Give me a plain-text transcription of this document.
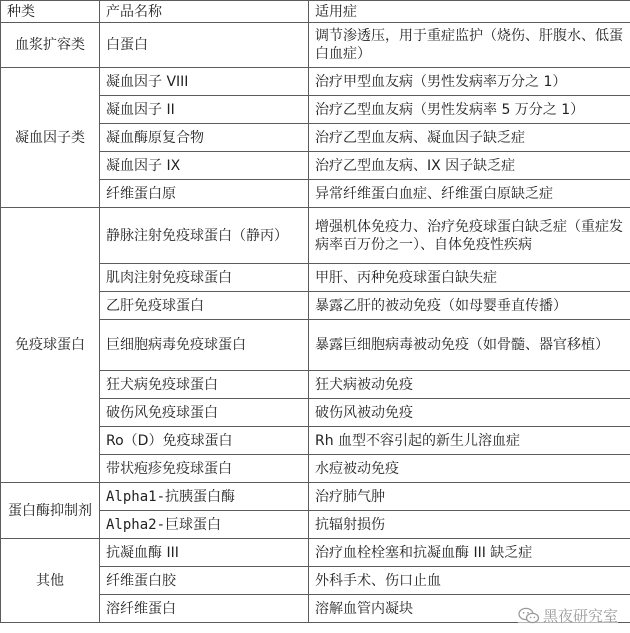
种类	产品名称	适用症
血浆扩容类	白蛋白	调节渗透压，用于重症监护（烧伤、肝腹水、低蛋白血症）
凝血因子类	凝血因子 VIII	治疗甲型血友病（男性发病率万分之 1）
	凝血因子 II	治疗乙型血友病（男性发病率 5 万分之 1）
	凝血酶原复合物	治疗乙型血友病、凝血因子缺乏症
	凝血因子 IX	治疗乙型血友病、IX 因子缺乏症
	纤维蛋白原	异常纤维蛋白血症、纤维蛋白原缺乏症
免疫球蛋白	静脉注射免疫球蛋白（静丙）	增强机体免疫力、治疗免疫球蛋白缺乏症（重症发病率百万份之一）、自体免疫性疾病
	肌肉注射免疫球蛋白	甲肝、丙种免疫球蛋白缺失症
	乙肝免疫球蛋白	暴露乙肝的被动免疫（如母婴垂直传播）
	巨细胞病毒免疫球蛋白	暴露巨细胞病毒被动免疫（如骨髓、器官移植）
	狂犬病免疫球蛋白	狂犬病被动免疫
	破伤风免疫球蛋白	破伤风被动免疫
	Ro（D）免疫球蛋白	Rh 血型不容引起的新生儿溶血症
	带状疱疹免疫球蛋白	水痘被动免疫
蛋白酶抑制剂	Alpha1-抗胰蛋白酶	治疗肺气肿
	Alpha2-巨球蛋白	抗辐射损伤
其他	抗凝血酶 III	治疗血栓栓塞和抗凝血酶 III 缺乏症
	纤维蛋白胶	外科手术、伤口止血
	溶纤维蛋白	溶解血管内凝块	黑夜研究室
